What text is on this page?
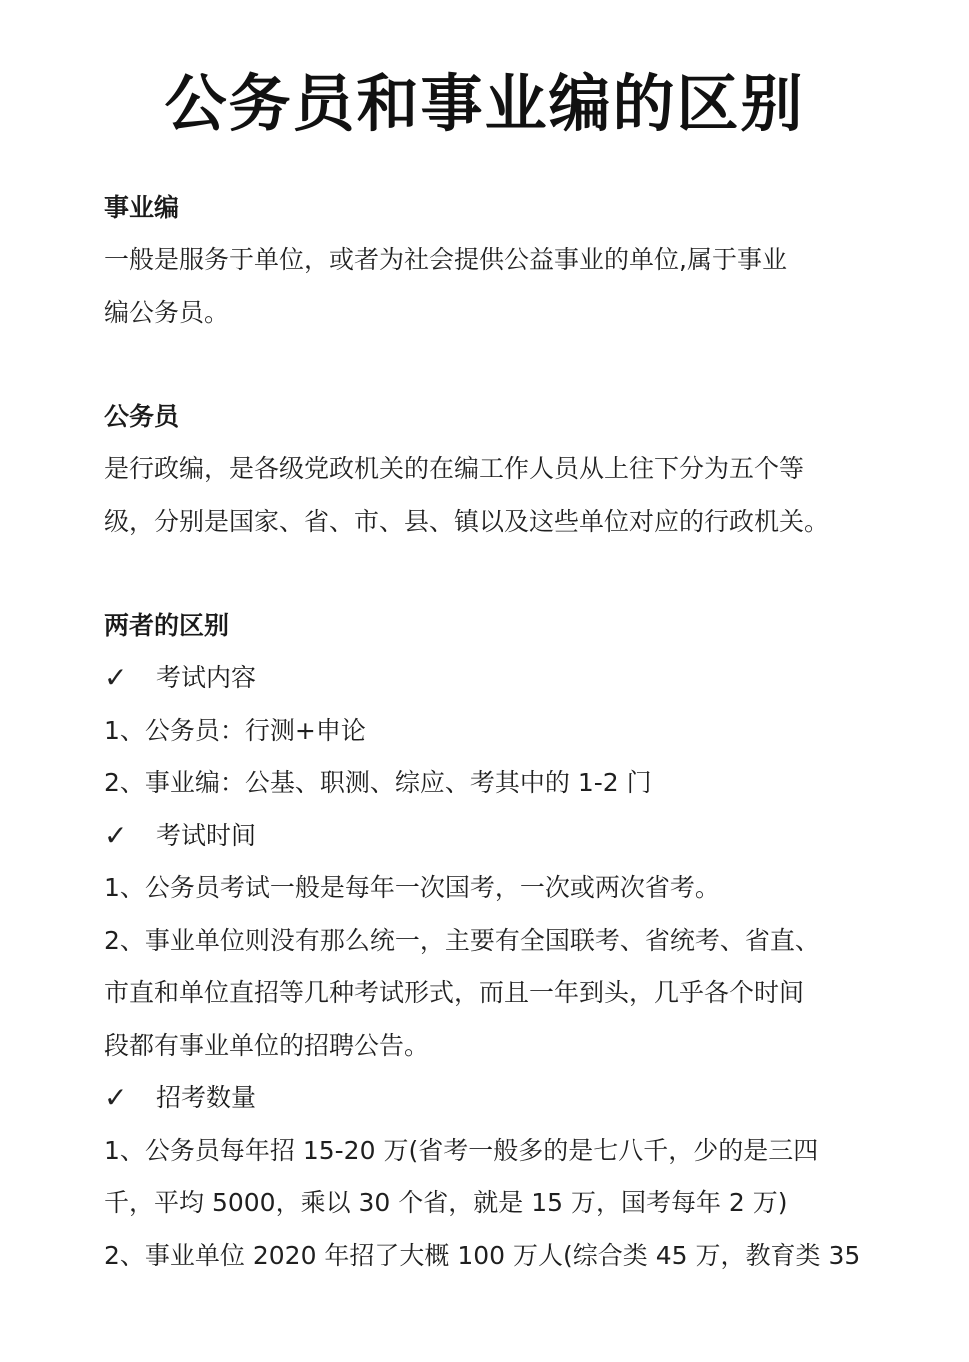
公务员和事业编的区别

事业编

一般是服务于单位，或者为社会提供公益事业的单位,属于事业

编公务员。

公务员

是行政编，是各级党政机关的在编工作人员从上往下分为五个等

级，分别是国家、省、市、县、镇以及这些单位对应的行政机关。

两者的区别

✓	考试内容

1、公务员：行测+申论

2、事业编：公基、职测、综应、考其中的 1-2 门

✓	考试时间

1、公务员考试一般是每年一次国考，一次或两次省考。

2、事业单位则没有那么统一，主要有全国联考、省统考、省直、

市直和单位直招等几种考试形式，而且一年到头，几乎各个时间

段都有事业单位的招聘公告。

✓	招考数量

1、公务员每年招 15-20 万(省考一般多的是七八千，少的是三四

千，平均 5000，乘以 30 个省，就是 15 万，国考每年 2 万)

2、事业单位 2020 年招了大概 100 万人(综合类 45 万，教育类 35
